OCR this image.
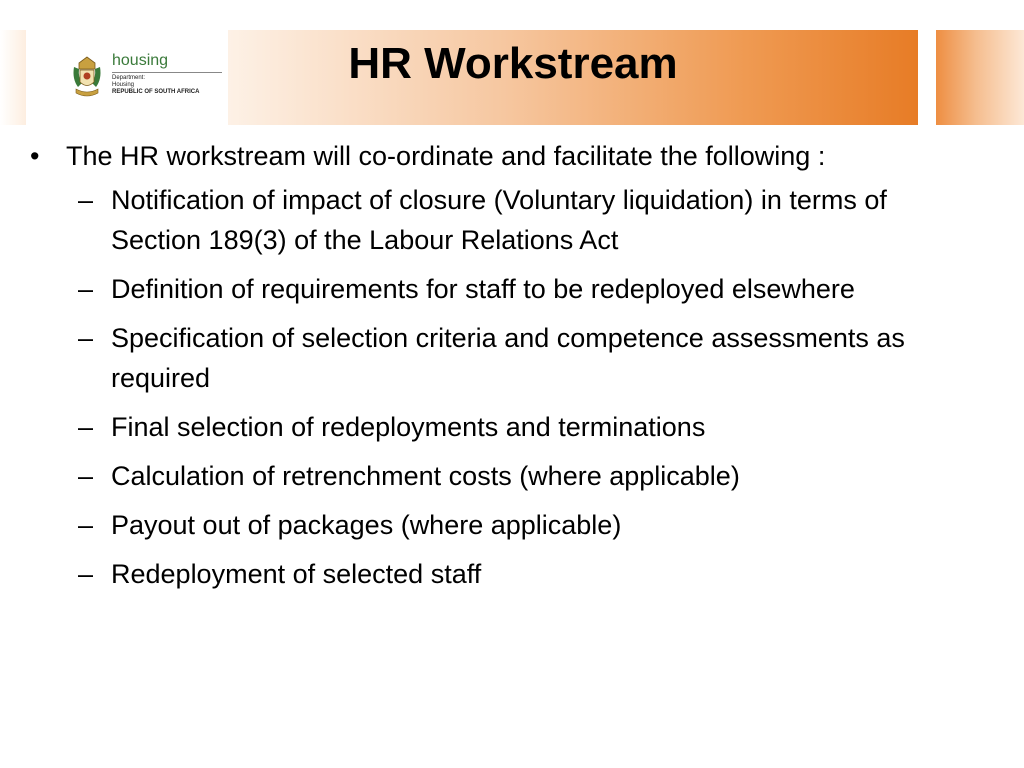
housing

Department:

Housing

REPUBLIC OF SOUTH AFRICA

HR Workstream
• The HR workstream will co-ordinate and facilitate the following :
– Notification of impact of closure (Voluntary liquidation) in terms of Section 189(3) of the Labour Relations Act
– Definition of requirements for staff to be redeployed elsewhere
– Specification of selection criteria and competence assessments as required
– Final selection of redeployments and terminations
– Calculation of retrenchment costs (where applicable)
– Payout out of packages (where applicable)
– Redeployment of selected staff
